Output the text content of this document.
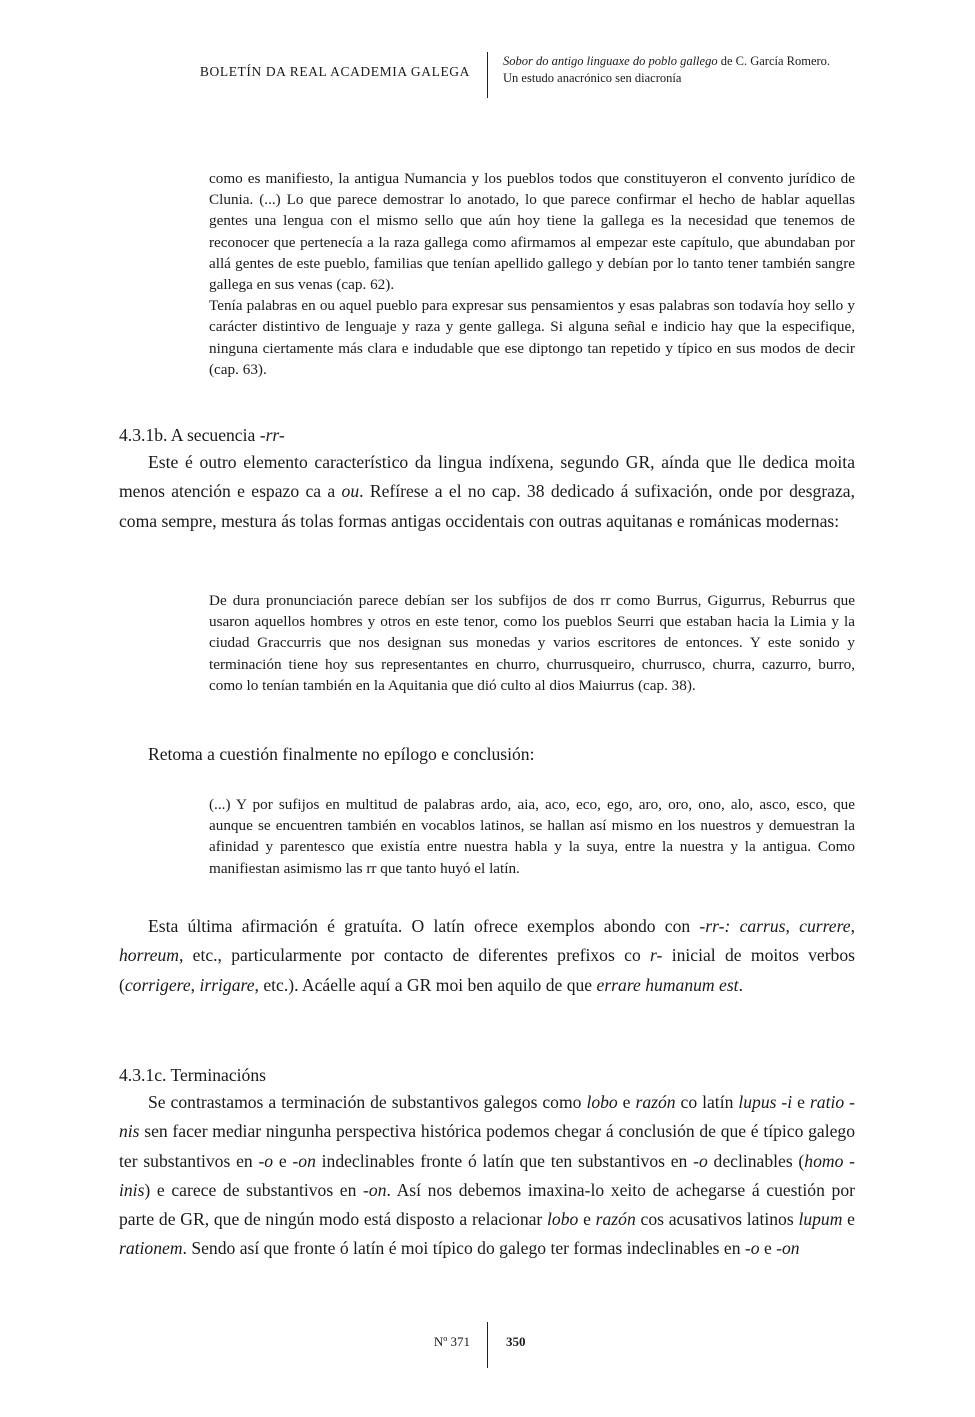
BOLETÍN DA REAL ACADEMIA GALEGA
Sobor do antigo linguaxe do poblo gallego de C. García Romero.
Un estudo anacrónico sen diacronía

como es manifiesto, la antigua Numancia y los pueblos todos que constituyeron el convento jurídico de Clunia. (...) Lo que parece demostrar lo anotado, lo que parece confirmar el hecho de hablar aquellas gentes una lengua con el mismo sello que aún hoy tiene la gallega es la necesidad que tenemos de reconocer que pertenecía a la raza gallega como afirmamos al empezar este capítulo, que abundaban por allá gentes de este pueblo, familias que tenían apellido gallego y debían por lo tanto tener también sangre gallega en sus venas (cap. 62).

Tenía palabras en ou aquel pueblo para expresar sus pensamientos y esas palabras son todavía hoy sello y carácter distintivo de lenguaje y raza y gente gallega. Si alguna señal e indicio hay que la especifique, ninguna ciertamente más clara e indudable que ese diptongo tan repetido y típico en sus modos de decir (cap. 63).

4.3.1b. A secuencia -rr-

Este é outro elemento característico da lingua indíxena, segundo GR, aínda que lle dedica moita menos atención e espazo ca a ou. Refírese a el no cap. 38 dedicado á sufixación, onde por desgraza, coma sempre, mestura ás tolas formas antigas occidentais con outras aquitanas e románicas modernas:

De dura pronunciación parece debían ser los subfijos de dos rr como Burrus, Gigurrus, Reburrus que usaron aquellos hombres y otros en este tenor, como los pueblos Seurri que estaban hacia la Limia y la ciudad Graccurris que nos designan sus monedas y varios escritores de entonces. Y este sonido y terminación tiene hoy sus representantes en churro, churrusqueiro, churrusco, churra, cazurro, burro, como lo tenían también en la Aquitania que dió culto al dios Maiurrus (cap. 38).

Retoma a cuestión finalmente no epílogo e conclusión:

(...) Y por sufijos en multitud de palabras ardo, aia, aco, eco, ego, aro, oro, ono, alo, asco, esco, que aunque se encuentren también en vocablos latinos, se hallan así mismo en los nuestros y demuestran la afinidad y parentesco que existía entre nuestra habla y la suya, entre la nuestra y la antigua. Como manifiestan asimismo las rr que tanto huyó el latín.

Esta última afirmación é gratuíta. O latín ofrece exemplos abondo con -rr-: carrus, currere, horreum, etc., particularmente por contacto de diferentes prefixos co r- inicial de moitos verbos (corrigere, irrigare, etc.). Acáelle aquí a GR moi ben aquilo de que errare humanum est.

4.3.1c. Terminacións

Se contrastamos a terminación de substantivos galegos como lobo e razón co latín lupus -i e ratio -nis sen facer mediar ningunha perspectiva histórica podemos chegar á conclusión de que é típico galego ter substantivos en -o e -on indeclinables fronte ó latín que ten substantivos en -o declinables (homo -inis) e carece de substantivos en -on. Así nos debemos imaxina-lo xeito de achegarse á cuestión por parte de GR, que de ningún modo está disposto a relacionar lobo e razón cos acusativos latinos lupum e rationem. Sendo así que fronte ó latín é moi típico do galego ter formas indeclinables en -o e -on

Nº 371	350
